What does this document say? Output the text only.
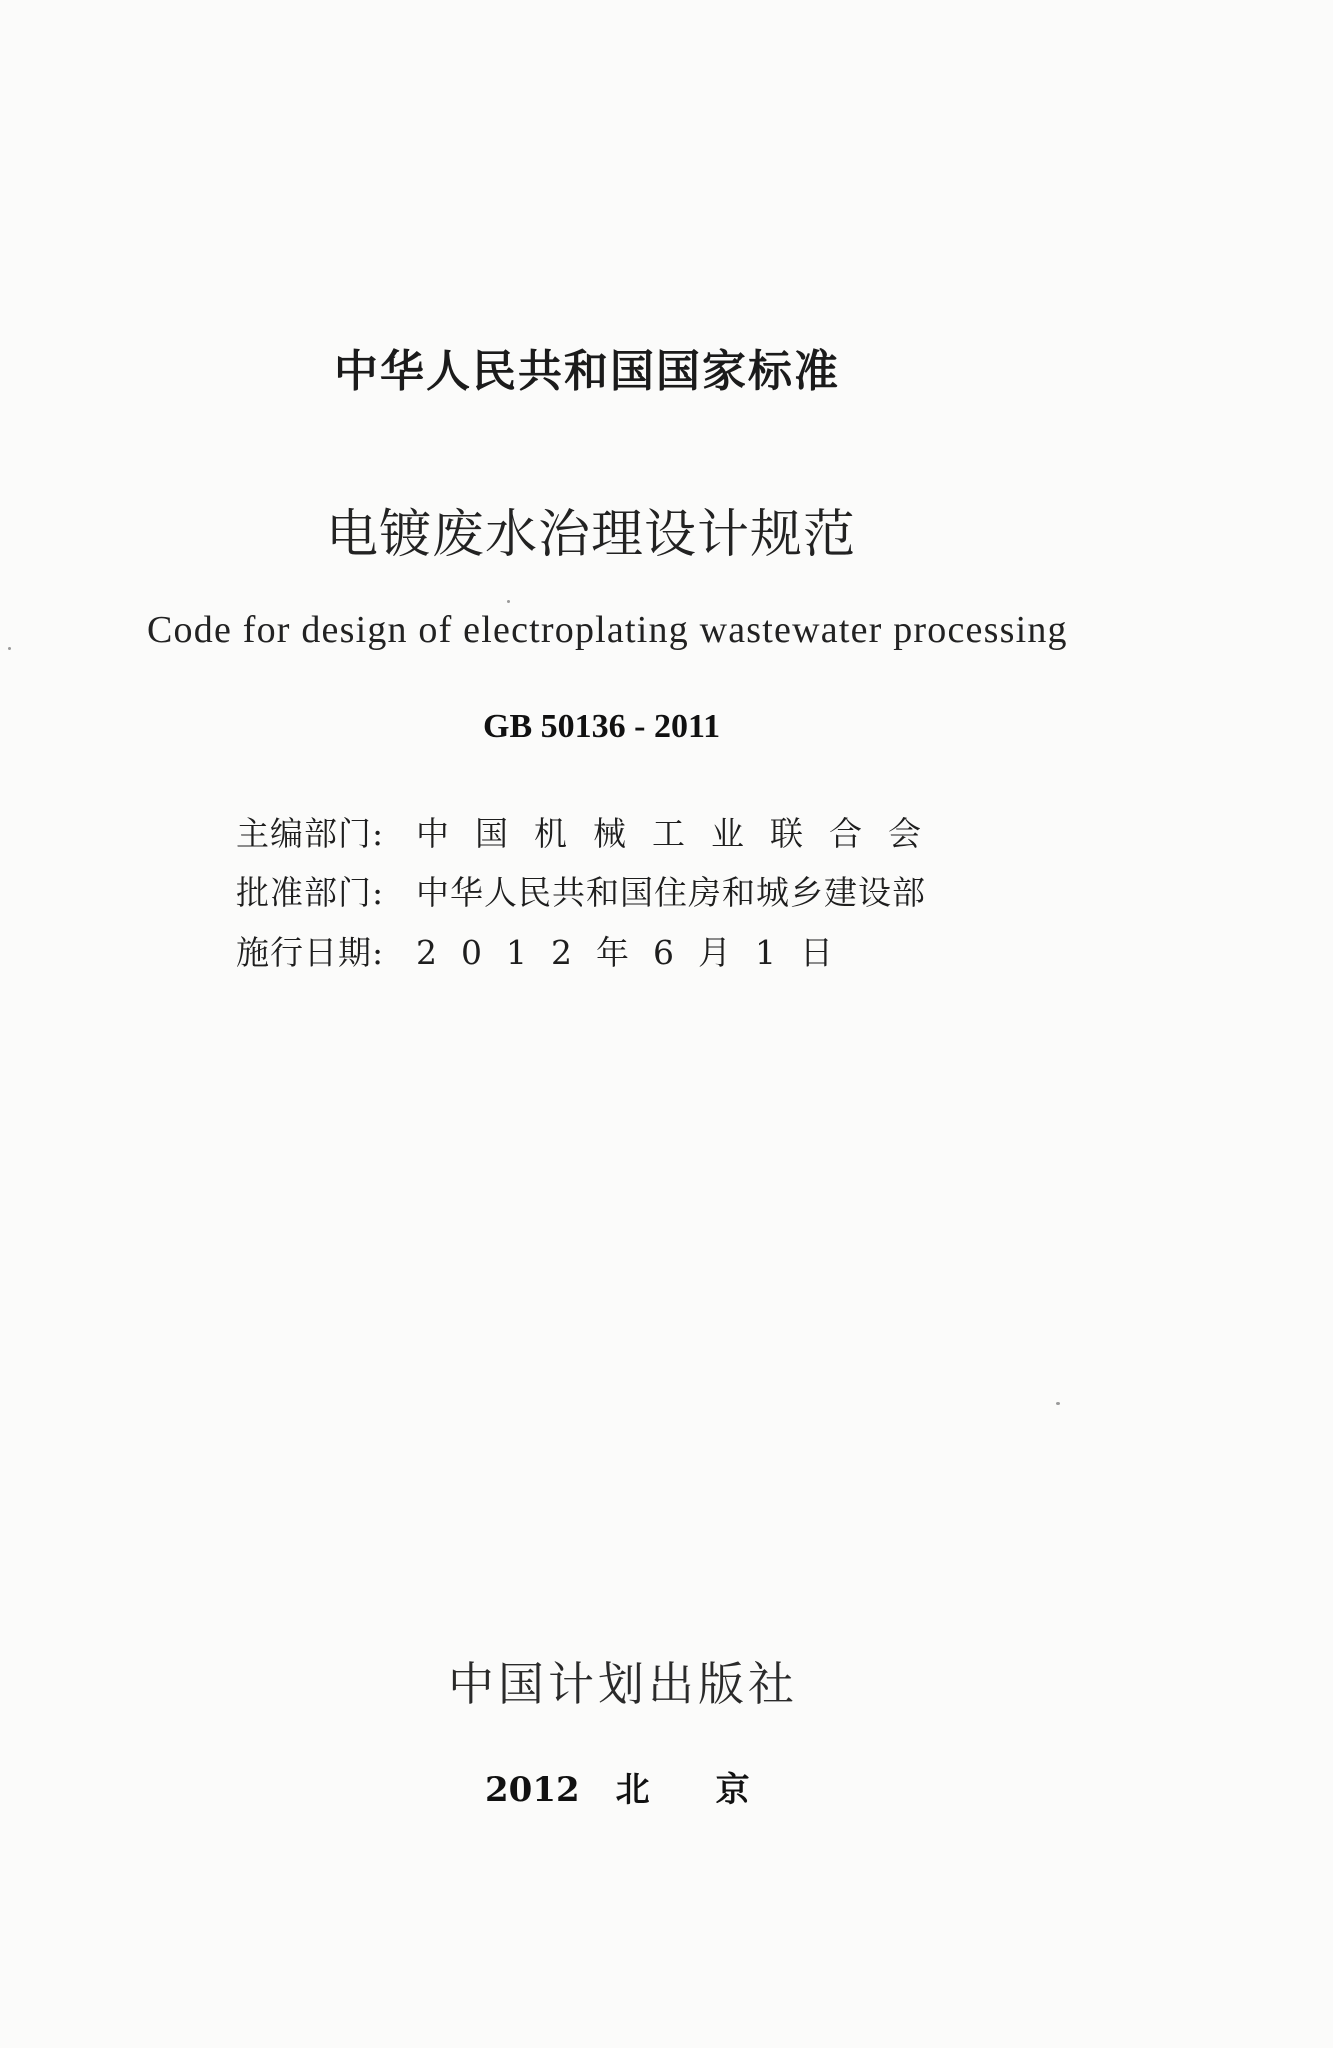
中华人民共和国国家标准
电镀废水治理设计规范
Code for design of electroplating wastewater processing
GB 50136 - 2011
主编部门: 中国机械工业联合会
批准部门: 中华人民共和国住房和城乡建设部
施行日期: 2012年6月1日
中国计划出版社
2012 北京
